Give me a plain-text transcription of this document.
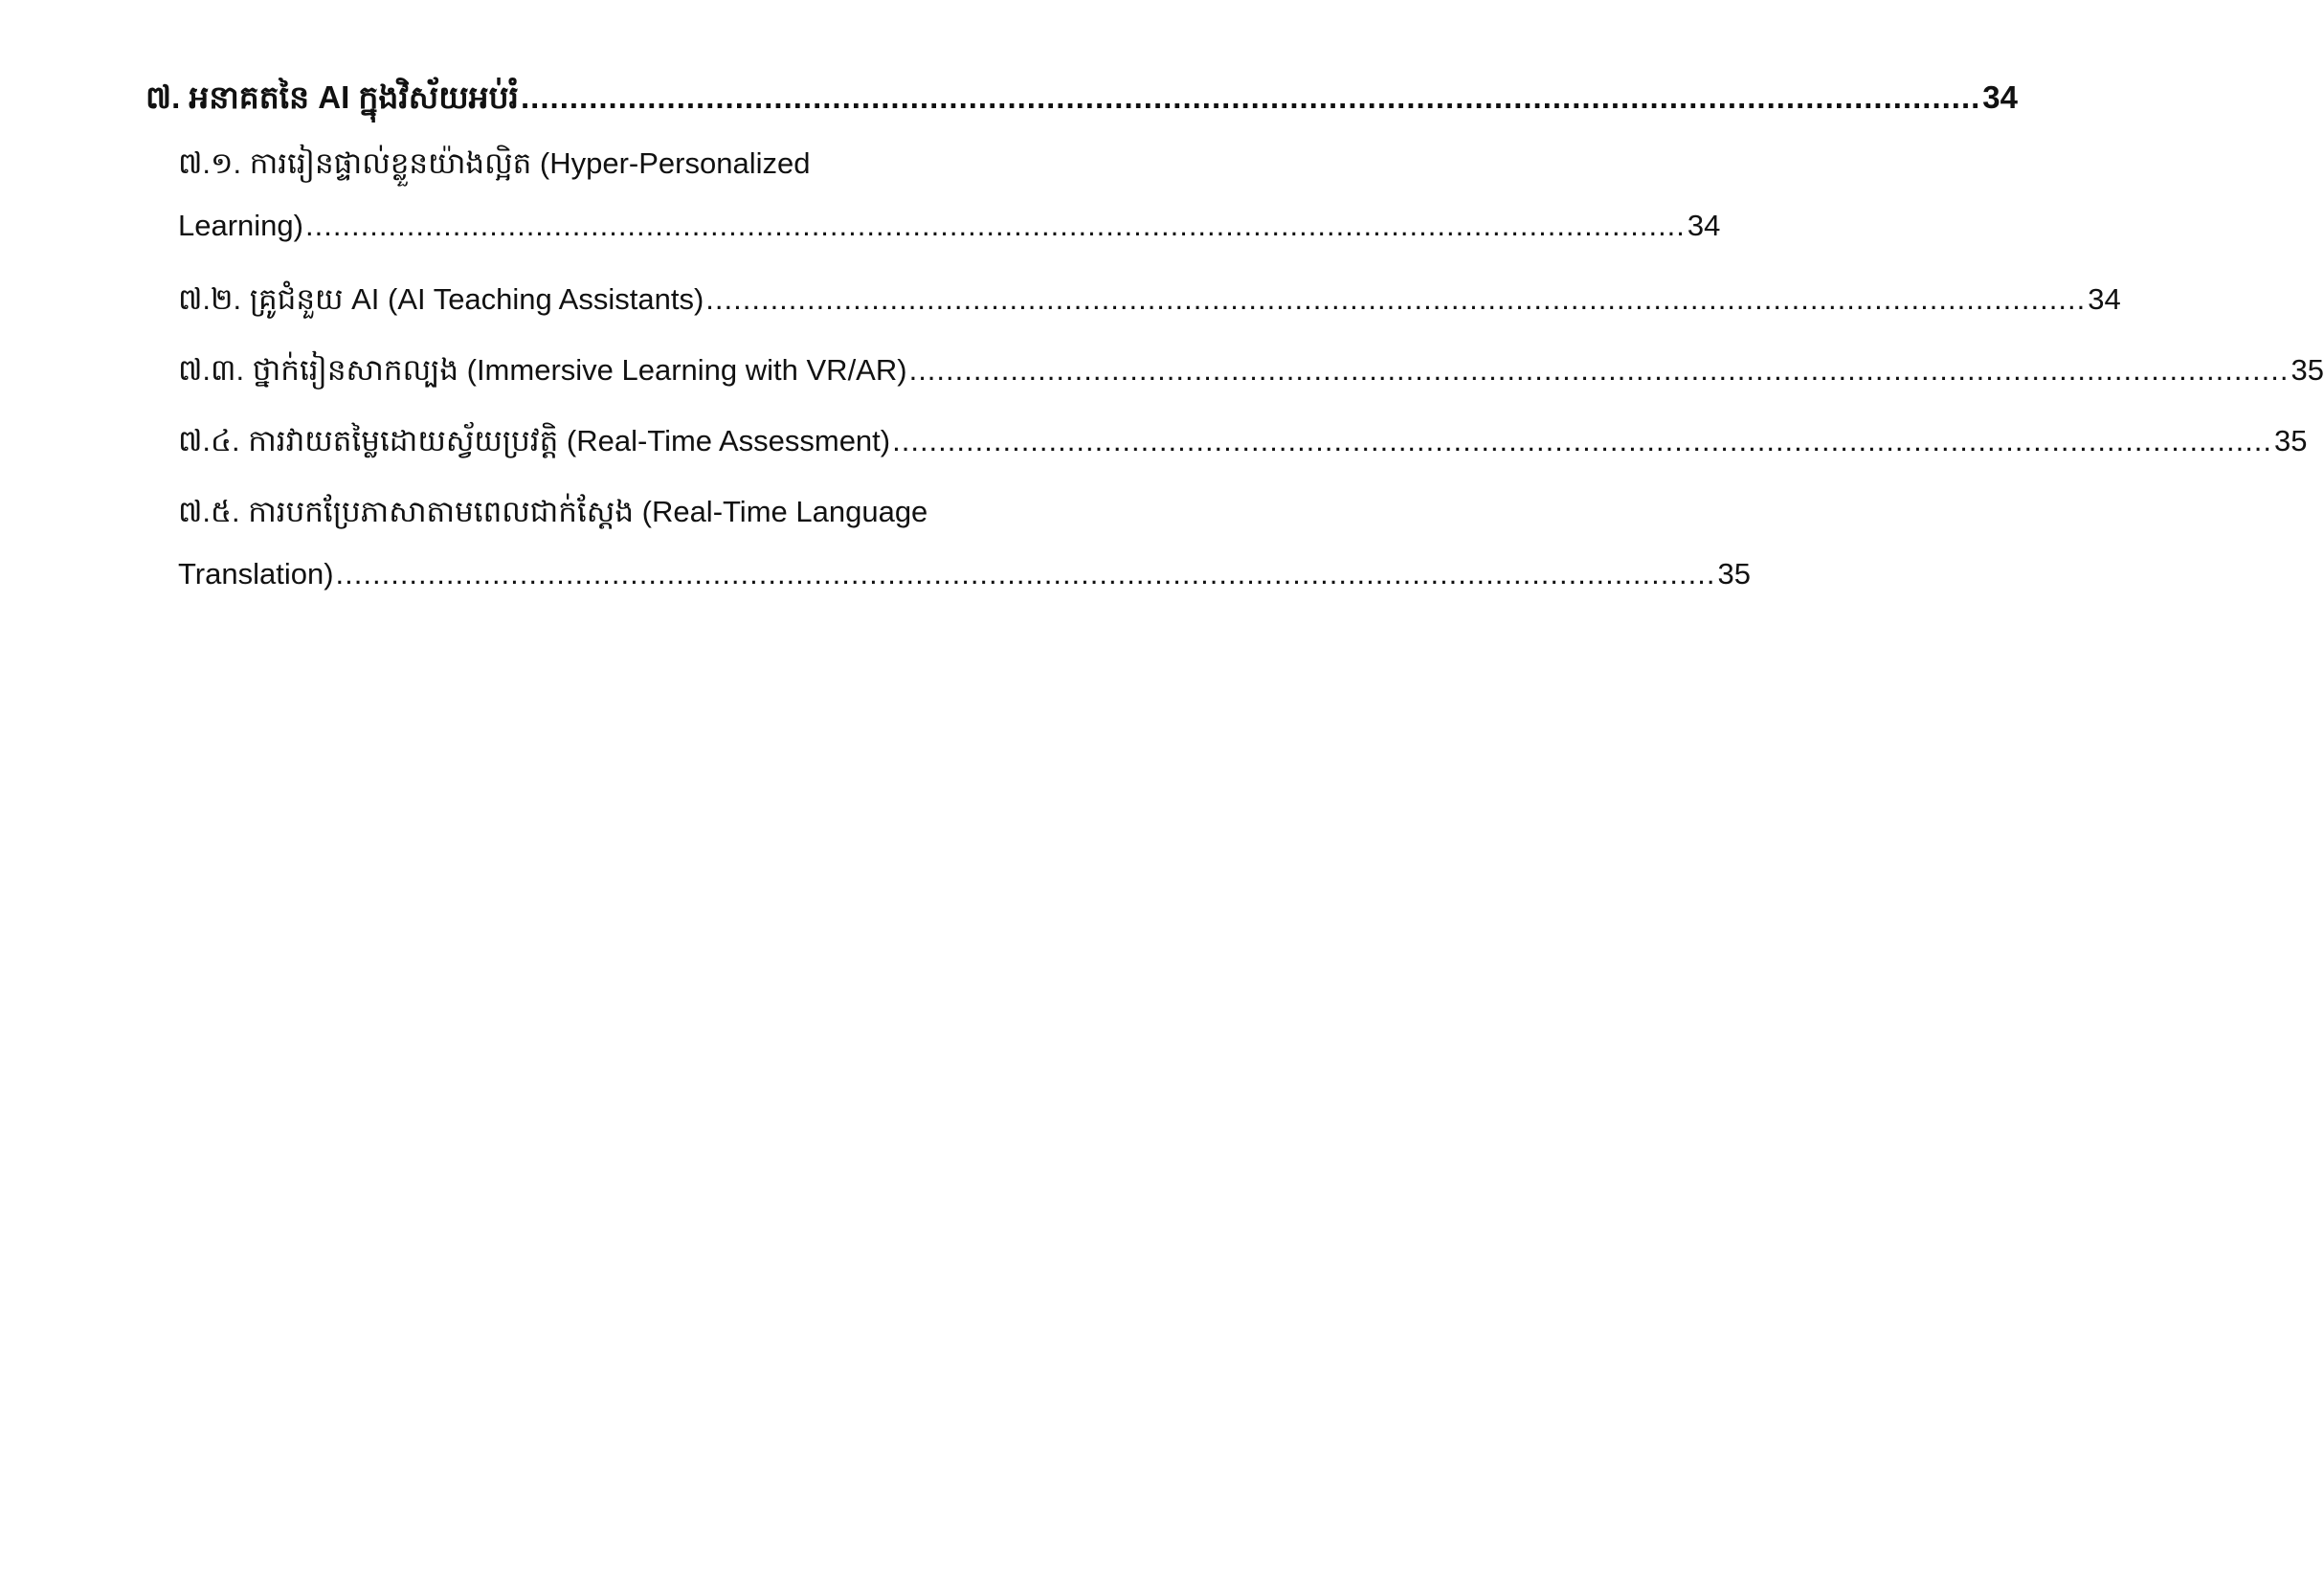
៧. អនាគតនៃ AI ក្នុងវិស័យអប់រំ ...................................................................................................................................................... 34
៧.១. ការរៀនផ្ទាល់ខ្លួនយ៉ាងល្អិត (Hyper-Personalized
Learning) ...................................................................................................................................................... 34
៧.២. គ្រូជំនួយ AI (AI Teaching Assistants) ...................................................................................................................................................... 34
៧.៣. ថ្នាក់រៀនសាកល្បង (Immersive Learning with VR/AR) ...................................................................................................................................................... 35
៧.៤. ការវាយតម្លៃដោយស្វ័យប្រវត្តិ (Real-Time Assessment) ...................................................................................................................................................... 35
៧.៥. ការបកប្រែភាសាតាមពេលជាក់ស្តែង (Real-Time Language
Translation) ...................................................................................................................................................... 35
